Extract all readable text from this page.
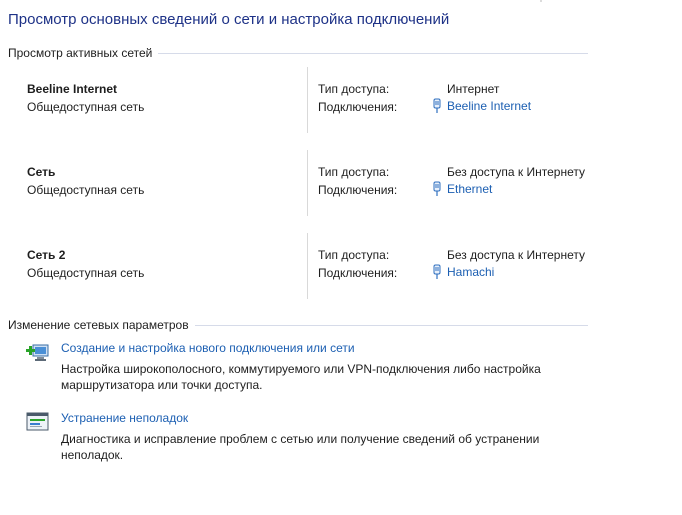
Просмотр основных сведений о сети и настройка подключений
Просмотр активных сетей
Beeline Internet
Общедоступная сеть
Тип доступа:	Интернет
Подключения:	Beeline Internet
Сеть
Общедоступная сеть
Тип доступа:	Без доступа к Интернету
Подключения:	Ethernet
Сеть 2
Общедоступная сеть
Тип доступа:	Без доступа к Интернету
Подключения:	Hamachi
Изменение сетевых параметров
Создание и настройка нового подключения или сети
Настройка широкополосного, коммутируемого или VPN-подключения либо настройка маршрутизатора или точки доступа.
Устранение неполадок
Диагностика и исправление проблем с сетью или получение сведений об устранении неполадок.
